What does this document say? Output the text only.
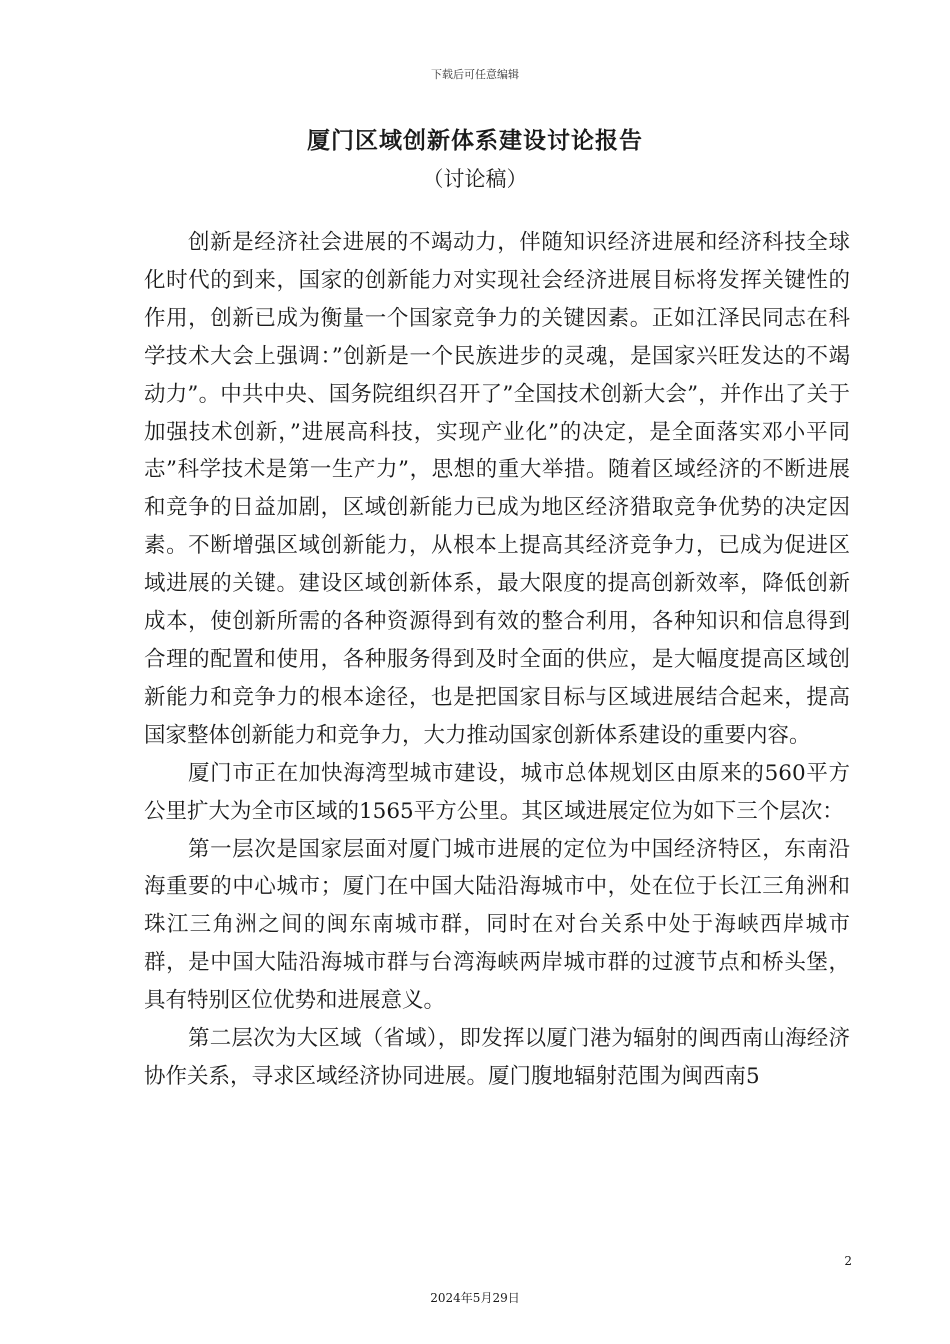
下载后可任意编辑
厦门区域创新体系建设讨论报告
（讨论稿）

创新是经济社会进展的不竭动力，伴随知识经济进展和经济科技全球化时代的到来，国家的创新能力对实现社会经济进展目标将发挥关键性的作用，创新已成为衡量一个国家竞争力的关键因素。正如江泽民同志在科学技术大会上强调：”创新是一个民族进步的灵魂，是国家兴旺发达的不竭动力”。中共中央、国务院组织召开了”全国技术创新大会”，并作出了关于加强技术创新，”进展高科技，实现产业化”的决定，是全面落实邓小平同志”科学技术是第一生产力”，思想的重大举措。随着区域经济的不断进展和竞争的日益加剧，区域创新能力已成为地区经济猎取竞争优势的决定因素。不断增强区域创新能力，从根本上提高其经济竞争力，已成为促进区域进展的关键。建设区域创新体系，最大限度的提高创新效率，降低创新成本，使创新所需的各种资源得到有效的整合利用，各种知识和信息得到合理的配置和使用，各种服务得到及时全面的供应，是大幅度提高区域创新能力和竞争力的根本途径，也是把国家目标与区域进展结合起来，提高国家整体创新能力和竞争力，大力推动国家创新体系建设的重要内容。

厦门市正在加快海湾型城市建设，城市总体规划区由原来的560平方公里扩大为全市区域的1565平方公里。其区域进展定位为如下三个层次：

第一层次是国家层面对厦门城市进展的定位为中国经济特区，东南沿海重要的中心城市；厦门在中国大陆沿海城市中，处在位于长江三角洲和珠江三角洲之间的闽东南城市群，同时在对台关系中处于海峡西岸城市群，是中国大陆沿海城市群与台湾海峡两岸城市群的过渡节点和桥头堡，具有特别区位优势和进展意义。

第二层次为大区域（省域），即发挥以厦门港为辐射的闽西南山海经济协作关系，寻求区域经济协同进展。厦门腹地辐射范围为闽西南5

2
2024年5月29日
